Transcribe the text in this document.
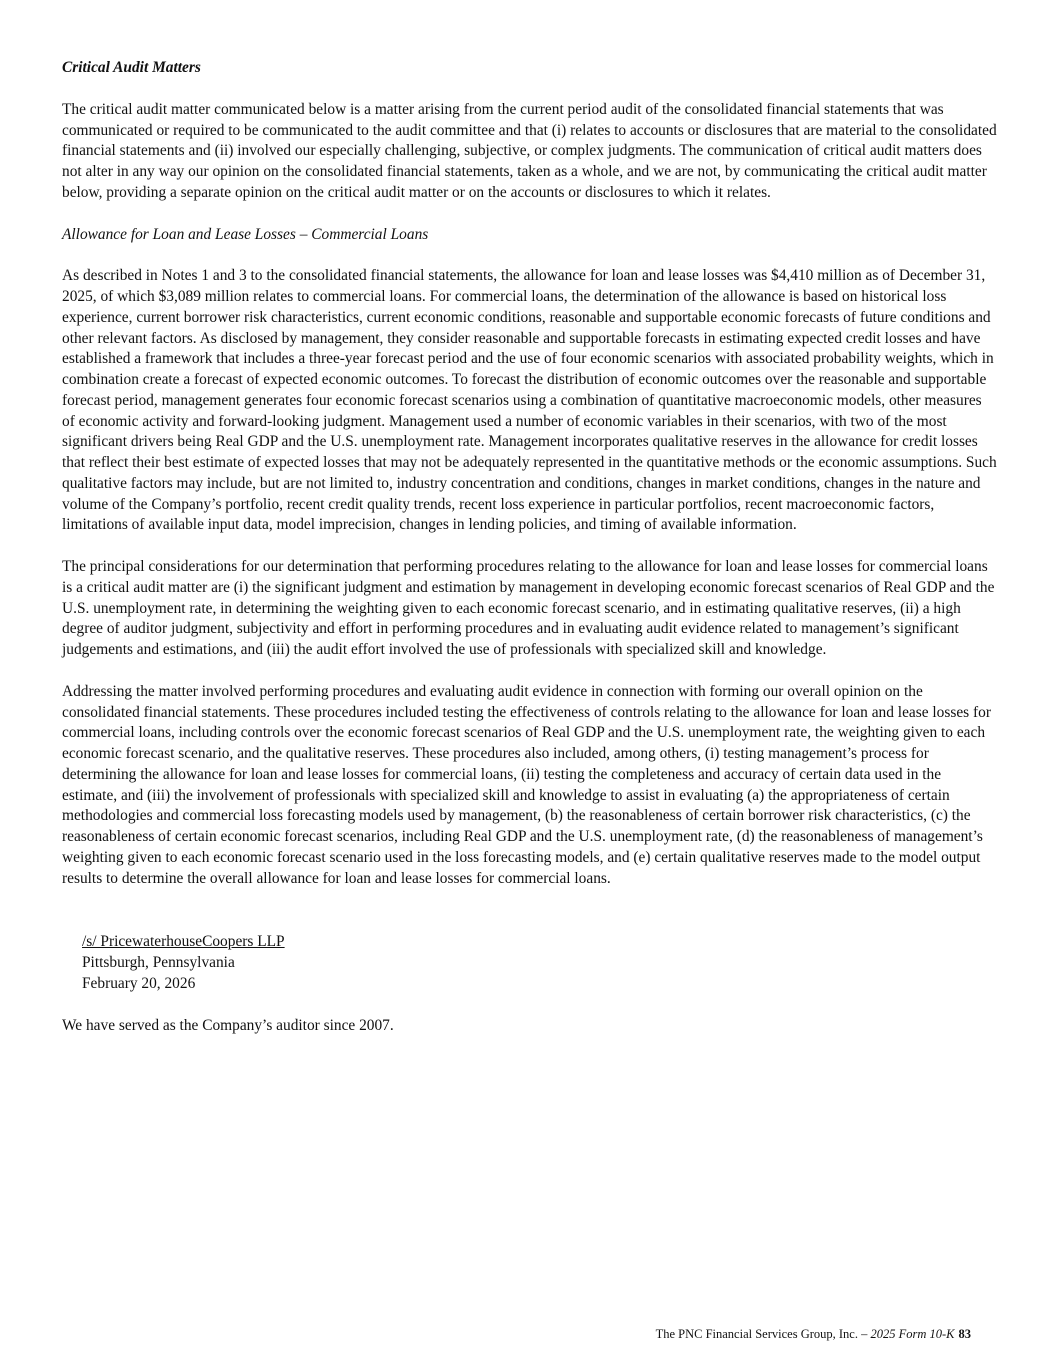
Critical Audit Matters

The critical audit matter communicated below is a matter arising from the current period audit of the consolidated financial statements that was communicated or required to be communicated to the audit committee and that (i) relates to accounts or disclosures that are material to the consolidated financial statements and (ii) involved our especially challenging, subjective, or complex judgments. The communication of critical audit matters does not alter in any way our opinion on the consolidated financial statements, taken as a whole, and we are not, by communicating the critical audit matter below, providing a separate opinion on the critical audit matter or on the accounts or disclosures to which it relates.

Allowance for Loan and Lease Losses – Commercial Loans

As described in Notes 1 and 3 to the consolidated financial statements, the allowance for loan and lease losses was $4,410 million as of December 31, 2025, of which $3,089 million relates to commercial loans. For commercial loans, the determination of the allowance is based on historical loss experience, current borrower risk characteristics, current economic conditions, reasonable and supportable economic forecasts of future conditions and other relevant factors. As disclosed by management, they consider reasonable and supportable forecasts in estimating expected credit losses and have established a framework that includes a three-year forecast period and the use of four economic scenarios with associated probability weights, which in combination create a forecast of expected economic outcomes. To forecast the distribution of economic outcomes over the reasonable and supportable forecast period, management generates four economic forecast scenarios using a combination of quantitative macroeconomic models, other measures of economic activity and forward-looking judgment. Management used a number of economic variables in their scenarios, with two of the most significant drivers being Real GDP and the U.S. unemployment rate. Management incorporates qualitative reserves in the allowance for credit losses that reflect their best estimate of expected losses that may not be adequately represented in the quantitative methods or the economic assumptions. Such qualitative factors may include, but are not limited to, industry concentration and conditions, changes in market conditions, changes in the nature and volume of the Company’s portfolio, recent credit quality trends, recent loss experience in particular portfolios, recent macroeconomic factors, limitations of available input data, model imprecision, changes in lending policies, and timing of available information.

The principal considerations for our determination that performing procedures relating to the allowance for loan and lease losses for commercial loans is a critical audit matter are (i) the significant judgment and estimation by management in developing economic forecast scenarios of Real GDP and the U.S. unemployment rate, in determining the weighting given to each economic forecast scenario, and in estimating qualitative reserves, (ii) a high degree of auditor judgment, subjectivity and effort in performing procedures and in evaluating audit evidence related to management’s significant judgements and estimations, and (iii) the audit effort involved the use of professionals with specialized skill and knowledge.

Addressing the matter involved performing procedures and evaluating audit evidence in connection with forming our overall opinion on the consolidated financial statements. These procedures included testing the effectiveness of controls relating to the allowance for loan and lease losses for commercial loans, including controls over the economic forecast scenarios of Real GDP and the U.S. unemployment rate, the weighting given to each economic forecast scenario, and the qualitative reserves. These procedures also included, among others, (i) testing management’s process for determining the allowance for loan and lease losses for commercial loans, (ii) testing the completeness and accuracy of certain data used in the estimate, and (iii) the involvement of professionals with specialized skill and knowledge to assist in evaluating (a) the appropriateness of certain methodologies and commercial loss forecasting models used by management, (b) the reasonableness of certain borrower risk characteristics, (c) the reasonableness of certain economic forecast scenarios, including Real GDP and the U.S. unemployment rate, (d) the reasonableness of management’s weighting given to each economic forecast scenario used in the loss forecasting models, and (e) certain qualitative reserves made to the model output results to determine the overall allowance for loan and lease losses for commercial loans.

/s/ PricewaterhouseCoopers LLP
Pittsburgh, Pennsylvania
February 20, 2026

We have served as the Company’s auditor since 2007.

The PNC Financial Services Group, Inc. – 2025 Form 10-K 83
